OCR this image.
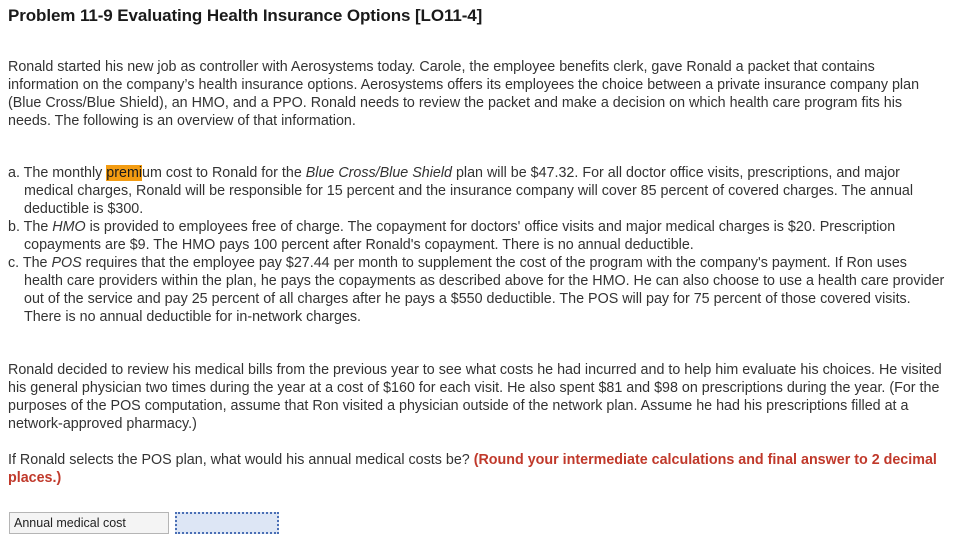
Problem 11-9 Evaluating Health Insurance Options [LO11-4]
Ronald started his new job as controller with Aerosystems today. Carole, the employee benefits clerk, gave Ronald a packet that contains information on the company’s health insurance options. Aerosystems offers its employees the choice between a private insurance company plan (Blue Cross/Blue Shield), an HMO, and a PPO. Ronald needs to review the packet and make a decision on which health care program fits his needs. The following is an overview of that information.
a. The monthly premium cost to Ronald for the Blue Cross/Blue Shield plan will be $47.32. For all doctor office visits, prescriptions, and major medical charges, Ronald will be responsible for 15 percent and the insurance company will cover 85 percent of covered charges. The annual deductible is $300.
b. The HMO is provided to employees free of charge. The copayment for doctors' office visits and major medical charges is $20. Prescription copayments are $9. The HMO pays 100 percent after Ronald's copayment. There is no annual deductible.
c. The POS requires that the employee pay $27.44 per month to supplement the cost of the program with the company's payment. If Ron uses health care providers within the plan, he pays the copayments as described above for the HMO. He can also choose to use a health care provider out of the service and pay 25 percent of all charges after he pays a $550 deductible. The POS will pay for 75 percent of those covered visits. There is no annual deductible for in-network charges.
Ronald decided to review his medical bills from the previous year to see what costs he had incurred and to help him evaluate his choices. He visited his general physician two times during the year at a cost of $160 for each visit. He also spent $81 and $98 on prescriptions during the year. (For the purposes of the POS computation, assume that Ron visited a physician outside of the network plan. Assume he had his prescriptions filled at a network-approved pharmacy.)
If Ronald selects the POS plan, what would his annual medical costs be? (Round your intermediate calculations and final answer to 2 decimal places.)
Annual medical cost
